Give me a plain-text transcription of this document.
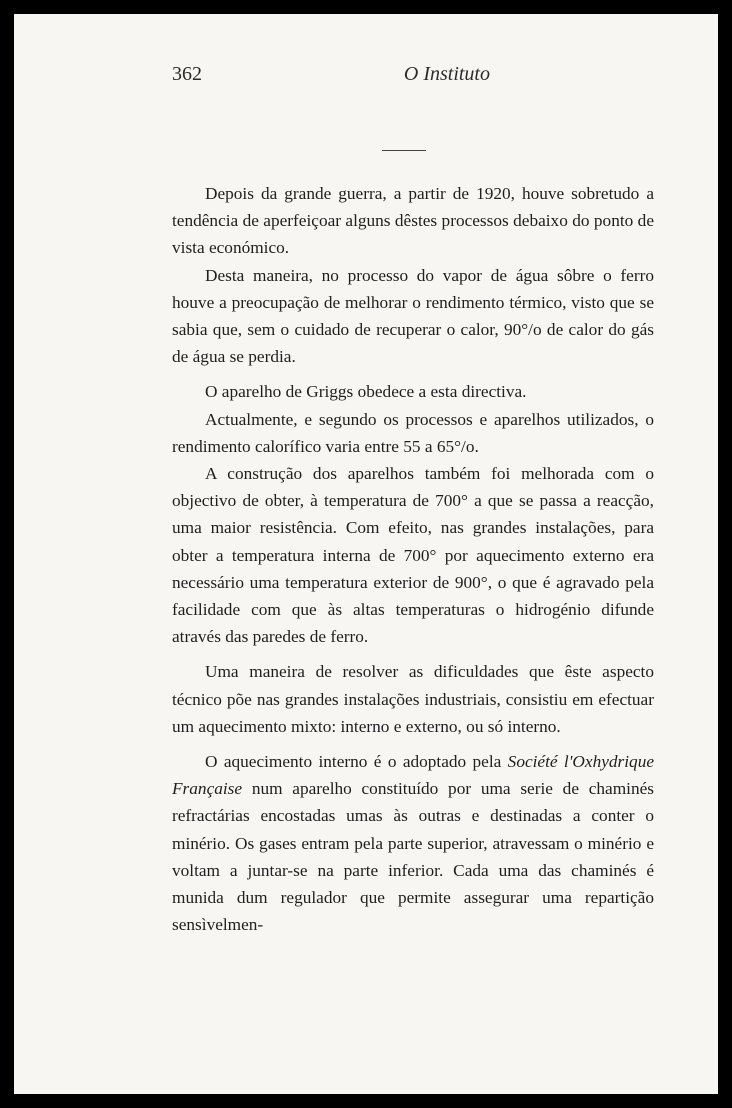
362	O Instituto

Depois da grande guerra, a partir de 1920, houve sobretudo a tendência de aperfeiçoar alguns dêstes processos debaixo do ponto de vista económico.

Desta maneira, no processo do vapor de água sôbre o ferro houve a preocupação de melhorar o rendimento térmico, visto que se sabia que, sem o cuidado de recuperar o calor, 90°/o de calor do gás de água se perdia.

O aparelho de Griggs obedece a esta directiva.

Actualmente, e segundo os processos e aparelhos utilizados, o rendimento calorífico varia entre 55 a 65°/o.

A construção dos aparelhos também foi melhorada com o objectivo de obter, à temperatura de 700° a que se passa a reacção, uma maior resistência. Com efeito, nas grandes instalações, para obter a temperatura interna de 700° por aquecimento externo era necessário uma temperatura exterior de 900°, o que é agravado pela facilidade com que às altas temperaturas o hidrogénio difunde através das paredes de ferro.

Uma maneira de resolver as dificuldades que êste aspecto técnico põe nas grandes instalações industriais, consistiu em efectuar um aquecimento mixto: interno e externo, ou só interno.

O aquecimento interno é o adoptado pela Société l'Oxhydrique Française num aparelho constituído por uma serie de chaminés refractárias encostadas umas às outras e destinadas a conter o minério. Os gases entram pela parte superior, atravessam o minério e voltam a juntar-se na parte inferior. Cada uma das chaminés é munida dum regulador que permite assegurar uma repartição sensìvelmen-
